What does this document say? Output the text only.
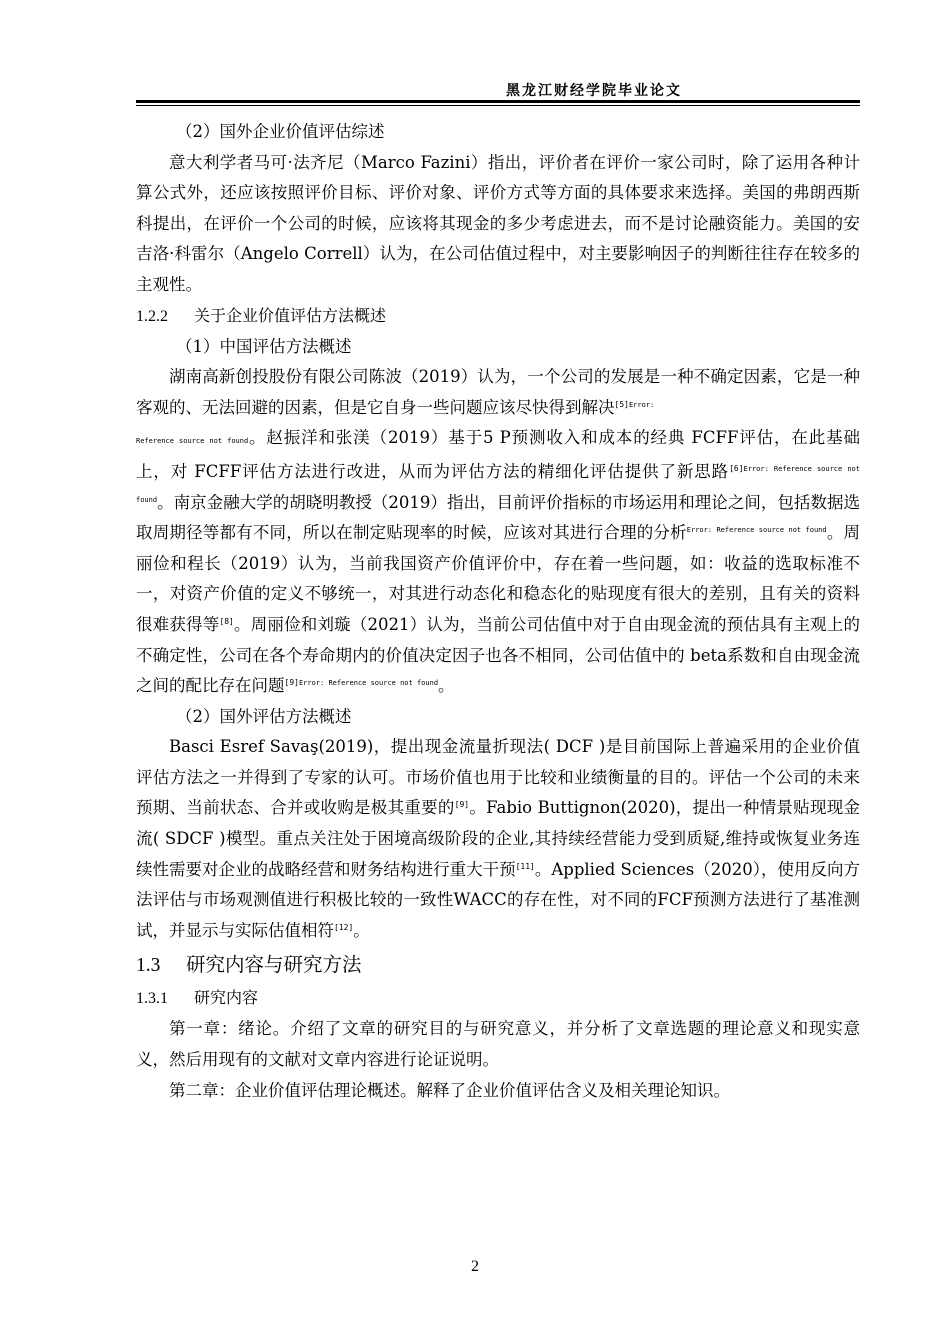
黑龙江财经学院毕业论文

（2）国外企业价值评估综述

意大利学者马可·法齐尼（Marco Fazini）指出，评价者在评价一家公司时，除了运用各种计算公式外，还应该按照评价目标、评价对象、评价方式等方面的具体要求来选择。美国的弗朗西斯科提出，在评价一个公司的时候，应该将其现金的多少考虑进去，而不是讨论融资能力。美国的安吉洛·科雷尔（Angelo Correll）认为，在公司估值过程中，对主要影响因子的判断往往存在较多的主观性。

1.2.2 关于企业价值评估方法概述

（1）中国评估方法概述

湖南高新创投股份有限公司陈波（2019）认为，一个公司的发展是一种不确定因素，它是一种客观的、无法回避的因素，但是它自身一些问题应该尽快得到解决$^{[5]Error:}$
Reference source not found。赵振洋和张渼（2019）基于5 P预测收入和成本的经典 FCFF评估，在此基础上，对 FCFF评估方法进行改进，从而为评估方法的精细化评估提供了新思路$^{[6]Error: Reference source not found}$。南京金融大学的胡晓明教授（2019）指出，目前评价指标的市场运用和理论之间，包括数据选取周期径等都有不同，所以在制定贴现率的时候，应该对其进行合理的分析$^{Error: Reference source not found}$。周丽俭和程长（2019）认为，当前我国资产价值评价中，存在着一些问题，如：收益的选取标准不一，对资产价值的定义不够统一，对其进行动态化和稳态化的贴现度有很大的差别，且有关的资料很难获得等[8]。周丽俭和刘璇（2021）认为，当前公司估值中对于自由现金流的预估具有主观上的不确定性，公司在各个寿命期内的价值决定因子也各不相同，公司估值中的 beta系数和自由现金流之间的配比存在问题$^{[9]Error: Reference source not found}$。

（2）国外评估方法概述

Basci Esref Savaş(2019)，提出现金流量折现法( DCF )是目前国际上普遍采用的企业价值评估方法之一并得到了专家的认可。市场价值也用于比较和业绩衡量的目的。评估一个公司的未来预期、当前状态、合并或收购是极其重要的[9]。Fabio Buttignon(2020)，提出一种情景贴现现金流( SDCF )模型。重点关注处于困境高级阶段的企业,其持续经营能力受到质疑,维持或恢复业务连续性需要对企业的战略经营和财务结构进行重大干预[11]。Applied Sciences（2020），使用反向方法评估与市场观测值进行积极比较的一致性WACC的存在性，对不同的FCF预测方法进行了基准测试，并显示与实际估值相符[12]。

1.3 研究内容与研究方法

1.3.1 研究内容

第一章：绪论。介绍了文章的研究目的与研究意义，并分析了文章选题的理论意义和现实意义，然后用现有的文献对文章内容进行论证说明。

第二章：企业价值评估理论概述。解释了企业价值评估含义及相关理论知识。

2
